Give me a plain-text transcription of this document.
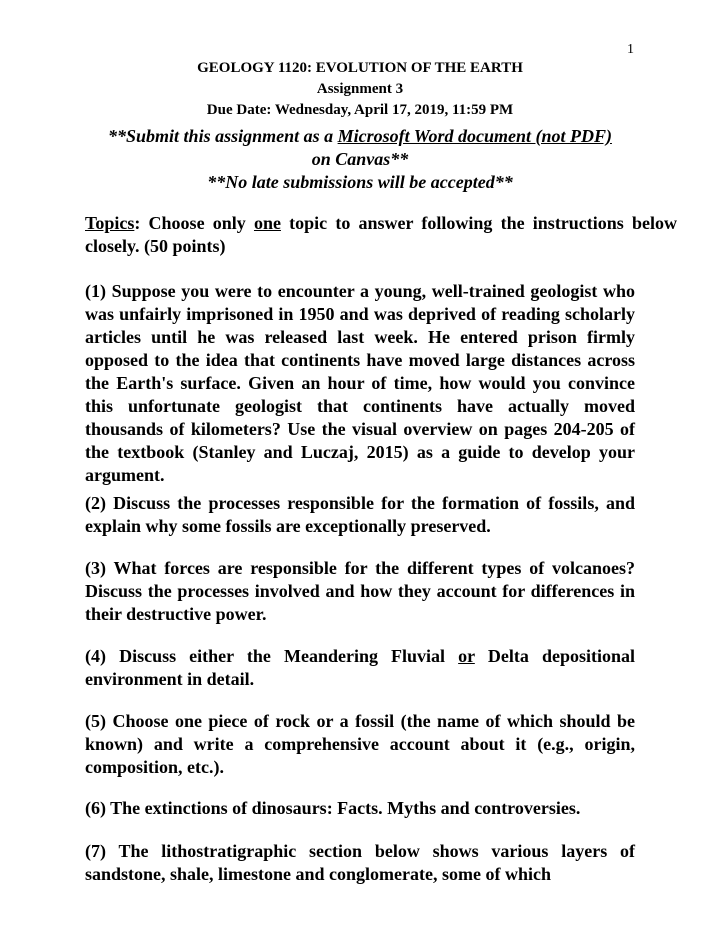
1
GEOLOGY 1120: EVOLUTION OF THE EARTH
Assignment 3
Due Date: Wednesday, April 17, 2019, 11:59 PM
**Submit this assignment as a Microsoft Word document (not PDF)
on Canvas**
**No late submissions will be accepted**
Topics: Choose only one topic to answer following the instructions below closely. (50 points)
(1) Suppose you were to encounter a young, well-trained geologist who was unfairly imprisoned in 1950 and was deprived of reading scholarly articles until he was released last week. He entered prison firmly opposed to the idea that continents have moved large distances across the Earth's surface. Given an hour of time, how would you convince this unfortunate geologist that continents have actually moved thousands of kilometers? Use the visual overview on pages 204-205 of the textbook (Stanley and Luczaj, 2015) as a guide to develop your argument.
(2) Discuss the processes responsible for the formation of fossils, and explain why some fossils are exceptionally preserved.
(3) What forces are responsible for the different types of volcanoes? Discuss the processes involved and how they account for differences in their destructive power.
(4) Discuss either the Meandering Fluvial or Delta depositional environment in detail.
(5) Choose one piece of rock or a fossil (the name of which should be known) and write a comprehensive account about it (e.g., origin, composition, etc.).
(6) The extinctions of dinosaurs: Facts. Myths and controversies.
(7) The lithostratigraphic section below shows various layers of sandstone, shale, limestone and conglomerate, some of which
